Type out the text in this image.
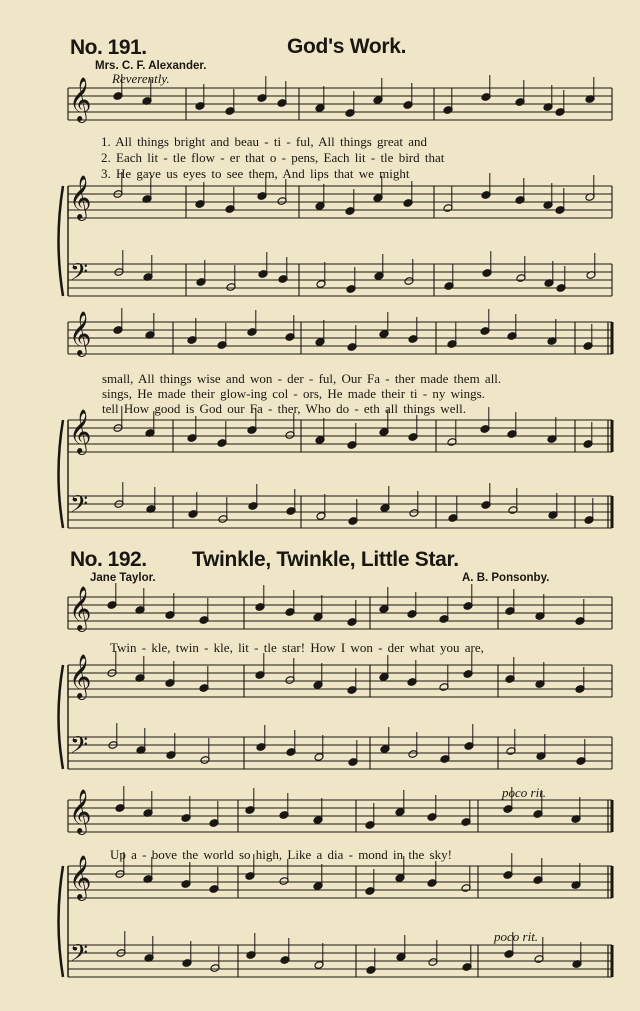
𝄞
𝄞
𝄢
𝄞
𝄞
𝄢
𝄞
𝄞
𝄢
𝄞
𝄞
𝄢
No. 191.	God's Work.
Mrs. C. F. Alexander.
Reverently.
1. All things bright and beau - ti - ful, All things great and
2. Each lit - tle flow - er that o - pens, Each lit - tle bird that
3. He gave us eyes to see them, And lips that we might
small, All things wise and won - der - ful, Our Fa - ther made them all.
sings, He made their glow-ing col - ors, He made their ti - ny wings.
tell How good is God our Fa - ther, Who do - eth all things well.
No. 192. Twinkle, Twinkle, Little Star.
Jane Taylor.	A. B. Ponsonby.
Twin - kle, twin - kle, lit - tle star! How I won - der what you are,
poco rit.
Up a - bove the world so high, Like a dia - mond in the sky!
poco rit.
